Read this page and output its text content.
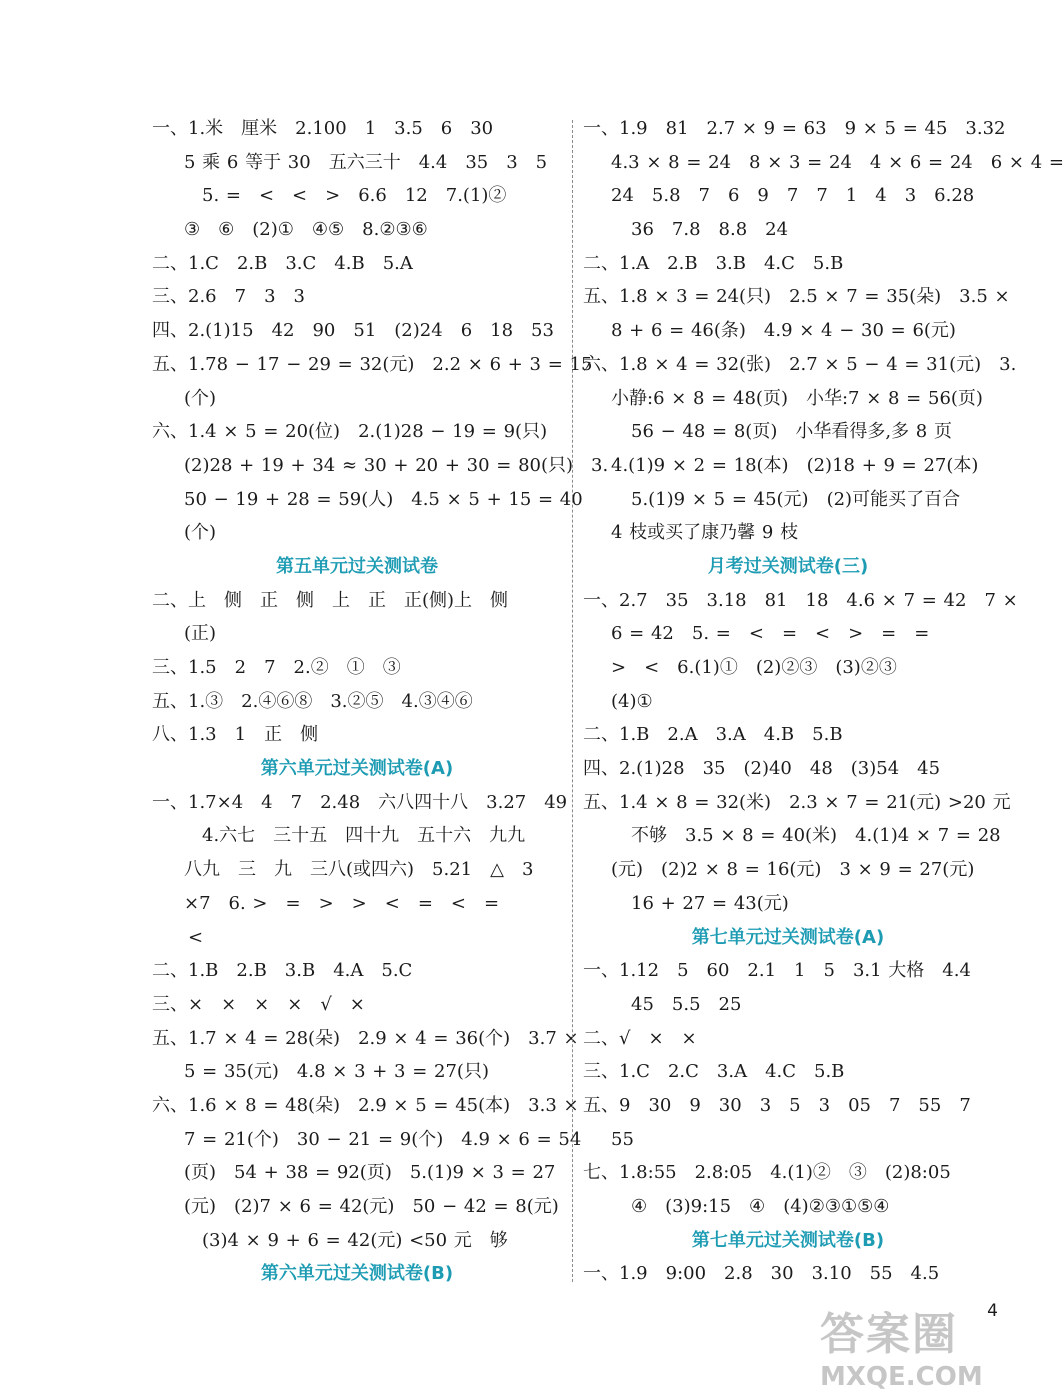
一、1.米　厘米　2.100　1　3.5　6　30
5 乘 6 等于 30　五六三十　4.4　35　3　5
5. =　<　<　>　6.6　12　7.(1)②
③　⑥　(2)①　④⑤　8.②③⑥
二、1.C　2.B　3.C　4.B　5.A
三、2.6　7　3　3
四、2.(1)15　42　90　51　(2)24　6　18　53
五、1.78 − 17 − 29 = 32(元)　2.2 × 6 + 3 = 15
(个)
六、1.4 × 5 = 20(位)　2.(1)28 − 19 = 9(只)
(2)28 + 19 + 34 ≈ 30 + 20 + 30 = 80(只)　3.
50 − 19 + 28 = 59(人)　4.5 × 5 + 15 = 40
(个)
第五单元过关测试卷
二、上　侧　正　侧　上　正　正(侧)上　侧
(正)
三、1.5　2　7　2.②　①　③
五、1.③　2.④⑥⑧　3.②⑤　4.③④⑥
八、1.3　1　正　侧
第六单元过关测试卷(A)
一、1.7×4　4　7　2.48　六八四十八　3.27　49
4.六七　三十五　四十九　五十六　九九
八九　三　九　三八(或四六)　5.21　△　3
×7　6. >　=　>　>　<　=　<　=
<
二、1.B　2.B　3.B　4.A　5.C
三、×　×　×　×　√　×
五、1.7 × 4 = 28(朵)　2.9 × 4 = 36(个)　3.7 ×
5 = 35(元)　4.8 × 3 + 3 = 27(只)
六、1.6 × 8 = 48(朵)　2.9 × 5 = 45(本)　3.3 ×
7 = 21(个)　30 − 21 = 9(个)　4.9 × 6 = 54
(页)　54 + 38 = 92(页)　5.(1)9 × 3 = 27
(元)　(2)7 × 6 = 42(元)　50 − 42 = 8(元)
(3)4 × 9 + 6 = 42(元) <50 元　够
第六单元过关测试卷(B)
一、1.9　81　2.7 × 9 = 63　9 × 5 = 45　3.32
4.3 × 8 = 24　8 × 3 = 24　4 × 6 = 24　6 × 4 =
24　5.8　7　6　9　7　7　1　4　3　6.28
36　7.8　8.8　24
二、1.A　2.B　3.B　4.C　5.B
五、1.8 × 3 = 24(只)　2.5 × 7 = 35(朵)　3.5 ×
8 + 6 = 46(条)　4.9 × 4 − 30 = 6(元)
六、1.8 × 4 = 32(张)　2.7 × 5 − 4 = 31(元)　3.
小静:6 × 8 = 48(页)　小华:7 × 8 = 56(页)
56 − 48 = 8(页)　小华看得多,多 8 页
4.(1)9 × 2 = 18(本)　(2)18 + 9 = 27(本)
5.(1)9 × 5 = 45(元)　(2)可能买了百合
4 枝或买了康乃馨 9 枝
月考过关测试卷(三)
一、2.7　35　3.18　81　18　4.6 × 7 = 42　7 ×
6 = 42　5. =　<　=　<　>　=　=
>　<　6.(1)①　(2)②③　(3)②③
(4)①
二、1.B　2.A　3.A　4.B　5.B
四、2.(1)28　35　(2)40　48　(3)54　45
五、1.4 × 8 = 32(米)　2.3 × 7 = 21(元) >20 元
不够　3.5 × 8 = 40(米)　4.(1)4 × 7 = 28
(元)　(2)2 × 8 = 16(元)　3 × 9 = 27(元)
16 + 27 = 43(元)
第七单元过关测试卷(A)
一、1.12　5　60　2.1　1　5　3.1 大格　4.4
45　5.5　25
二、√　×　×
三、1.C　2.C　3.A　4.C　5.B
五、9　30　9　30　3　5　3　05　7　55　7
55
七、1.8:55　2.8:05　4.(1)②　③　(2)8:05
④　(3)9:15　④　(4)②③①⑤④
第七单元过关测试卷(B)
一、1.9　9:00　2.8　30　3.10　55　4.5
4
答案圈
MXQE.COM
